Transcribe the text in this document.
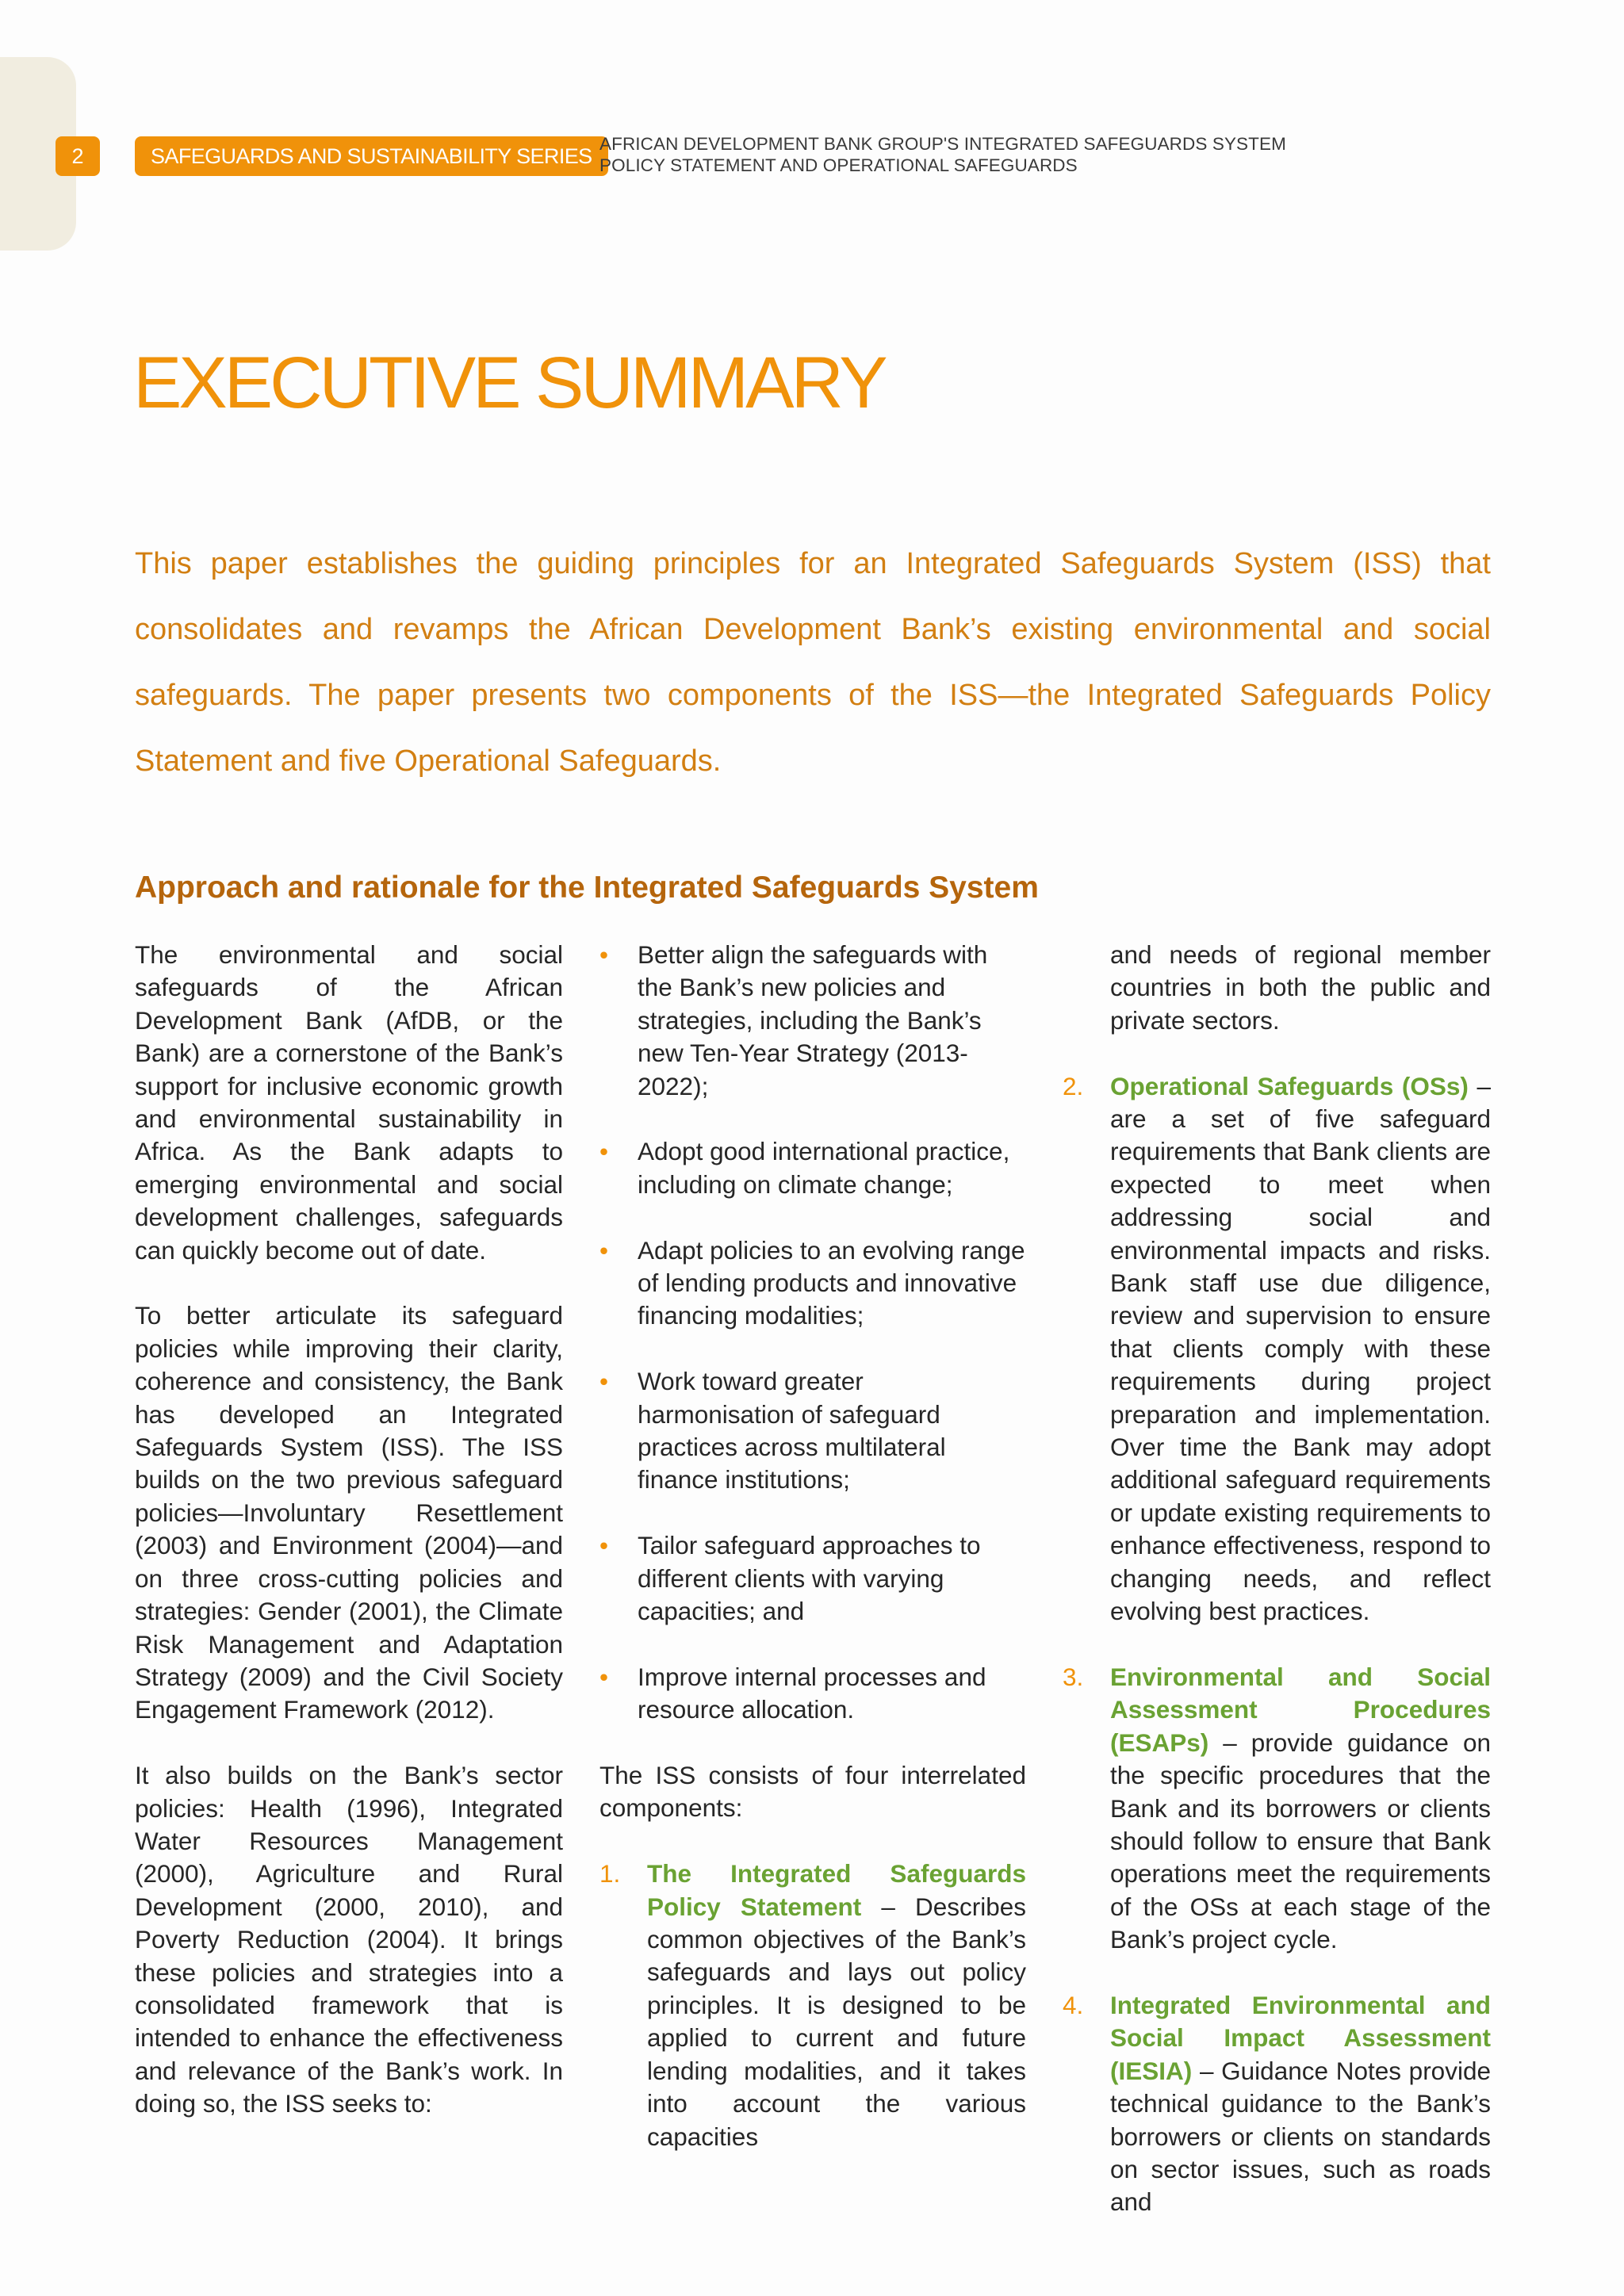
2	SAFEGUARDS AND SUSTAINABILITY SERIES
AFRICAN DEVELOPMENT BANK GROUP'S INTEGRATED SAFEGUARDS SYSTEM
POLICY STATEMENT AND OPERATIONAL SAFEGUARDS
EXECUTIVE SUMMARY

This paper establishes the guiding principles for an Integrated Safeguards System (ISS) that consolidates and revamps the African Development Bank’s existing environmental and social safeguards. The paper presents two components of the ISS—the Integrated Safeguards Policy Statement and five Operational Safeguards.

Approach and rationale for the Integrated Safeguards System

The environmental and social safeguards of the African Development Bank (AfDB, or the Bank) are a cornerstone of the Bank’s support for inclusive economic growth and environmental sustainability in Africa. As the Bank adapts to emerging environmental and social development challenges, safeguards can quickly become out of date.

To better articulate its safeguard policies while improving their clarity, coherence and consistency, the Bank has developed an Integrated Safeguards System (ISS). The ISS builds on the two previous safeguard policies—Involuntary Resettlement (2003) and Environment (2004)—and on three cross-cutting policies and strategies: Gender (2001), the Climate Risk Management and Adaptation Strategy (2009) and the Civil Society Engagement Framework (2012).

It also builds on the Bank’s sector policies: Health (1996), Integrated Water Resources Management (2000), Agriculture and Rural Development (2000, 2010), and Poverty Reduction (2004). It brings these policies and strategies into a consolidated framework that is intended to enhance the effectiveness and relevance of the Bank’s work. In doing so, the ISS seeks to:

• Better align the safeguards with the Bank’s new policies and strategies, including the Bank’s new Ten-Year Strategy (2013-2022);
• Adopt good international practice, including on climate change;
• Adapt policies to an evolving range of lending products and innovative financing modalities;
• Work toward greater harmonisation of safeguard practices across multilateral finance institutions;
• Tailor safeguard approaches to different clients with varying capacities; and
• Improve internal processes and resource allocation.

The ISS consists of four interrelated components:

1. The Integrated Safeguards Policy Statement – Describes common objectives of the Bank’s safeguards and lays out policy principles. It is designed to be applied to current and future lending modalities, and it takes into account the various capacities
and needs of regional member countries in both the public and private sectors.
2. Operational Safeguards (OSs) – are a set of five safeguard requirements that Bank clients are expected to meet when addressing social and environmental impacts and risks. Bank staff use due diligence, review and supervision to ensure that clients comply with these requirements during project preparation and implementation. Over time the Bank may adopt additional safeguard requirements or update existing requirements to enhance effectiveness, respond to changing needs, and reflect evolving best practices.
3. Environmental and Social Assessment Procedures (ESAPs) – provide guidance on the specific procedures that the Bank and its borrowers or clients should follow to ensure that Bank operations meet the requirements of the OSs at each stage of the Bank’s project cycle.
4. Integrated Environmental and Social Impact Assessment (IESIA) – Guidance Notes provide technical guidance to the Bank’s borrowers or clients on standards on sector issues, such as roads and
